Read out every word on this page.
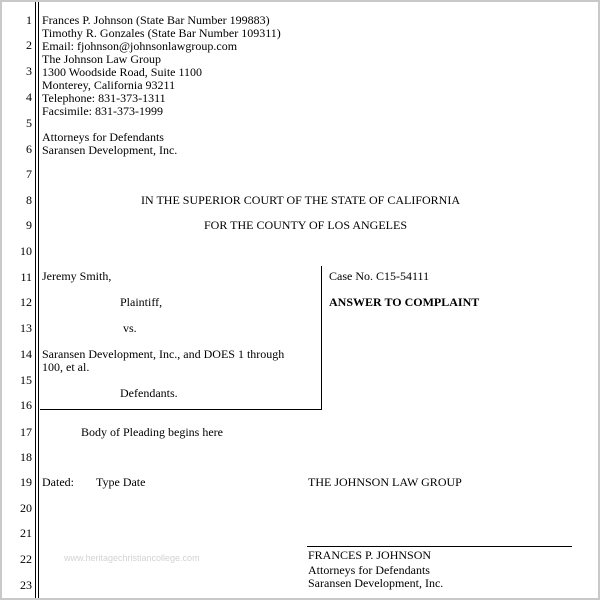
1
2
3
4
5
6
7
8
9
10
11
12
13
14
15
16
17
18
19
20
21
22
23
Frances P. Johnson (State Bar Number 199883)
Timothy R. Gonzales (State Bar Number 109311)
Email: fjohnson@johnsonlawgroup.com
The Johnson Law Group
1300 Woodside Road, Suite 1100
Monterey, California 93211
Telephone: 831-373-1311
Facsimile: 831-373-1999
Attorneys for Defendants
Saransen Development, Inc.
IN THE SUPERIOR COURT OF THE STATE OF CALIFORNIA
FOR THE COUNTY OF LOS ANGELES
Jeremy Smith,
Plaintiff,
vs.
Saransen Development, Inc., and DOES 1 through
100, et al.
Defendants.
Case No. C15-54111
ANSWER TO COMPLAINT
Body of Pleading begins here
Dated: Type Date	THE JOHNSON LAW GROUP
www.heritagechristiancollege.com	FRANCES P. JOHNSON
Attorneys for Defendants
Saransen Development, Inc.
